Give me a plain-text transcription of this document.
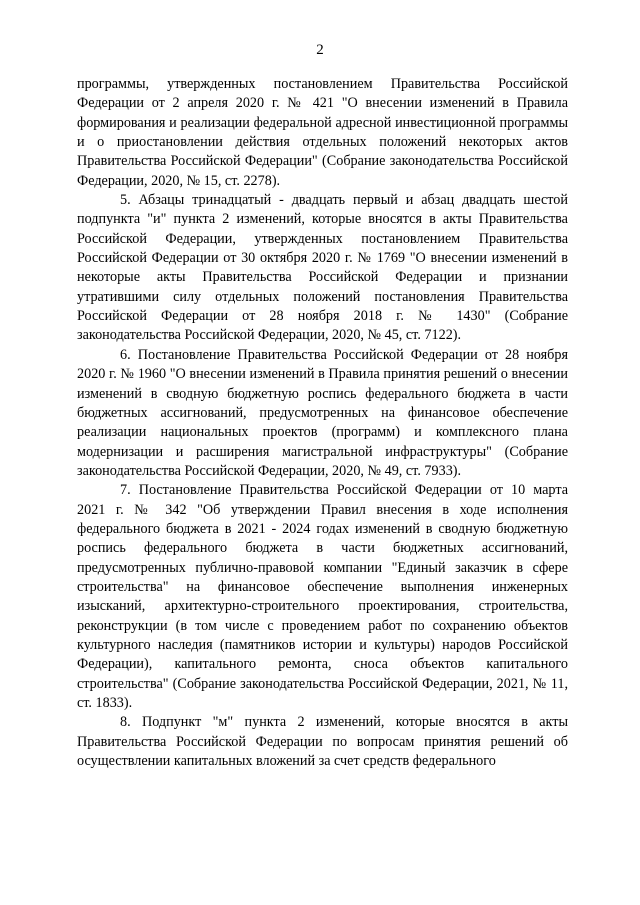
2

программы, утвержденных постановлением Правительства Российской Федерации от 2 апреля 2020 г. № 421 "О внесении изменений в Правила формирования и реализации федеральной адресной инвестиционной программы и о приостановлении действия отдельных положений некоторых актов Правительства Российской Федерации" (Собрание законодательства Российской Федерации, 2020, № 15, ст. 2278).

5. Абзацы тринадцатый - двадцать первый и абзац двадцать шестой подпункта "и" пункта 2 изменений, которые вносятся в акты Правительства Российской Федерации, утвержденных постановлением Правительства Российской Федерации от 30 октября 2020 г. № 1769 "О внесении изменений в некоторые акты Правительства Российской Федерации и признании утратившими силу отдельных положений постановления Правительства Российской Федерации от 28 ноября 2018 г. № 1430" (Собрание законодательства Российской Федерации, 2020, № 45, ст. 7122).

6. Постановление Правительства Российской Федерации от 28 ноября 2020 г. № 1960 "О внесении изменений в Правила принятия решений о внесении изменений в сводную бюджетную роспись федерального бюджета в части бюджетных ассигнований, предусмотренных на финансовое обеспечение реализации национальных проектов (программ) и комплексного плана модернизации и расширения магистральной инфраструктуры" (Собрание законодательства Российской Федерации, 2020, № 49, ст. 7933).

7. Постановление Правительства Российской Федерации от 10 марта 2021 г. № 342 "Об утверждении Правил внесения в ходе исполнения федерального бюджета в 2021 - 2024 годах изменений в сводную бюджетную роспись федерального бюджета в части бюджетных ассигнований, предусмотренных публично-правовой компании "Единый заказчик в сфере строительства" на финансовое обеспечение выполнения инженерных изысканий, архитектурно-строительного проектирования, строительства, реконструкции (в том числе с проведением работ по сохранению объектов культурного наследия (памятников истории и культуры) народов Российской Федерации), капитального ремонта, сноса объектов капитального строительства" (Собрание законодательства Российской Федерации, 2021, № 11, ст. 1833).

8. Подпункт "м" пункта 2 изменений, которые вносятся в акты Правительства Российской Федерации по вопросам принятия решений об осуществлении капитальных вложений за счет средств федерального
